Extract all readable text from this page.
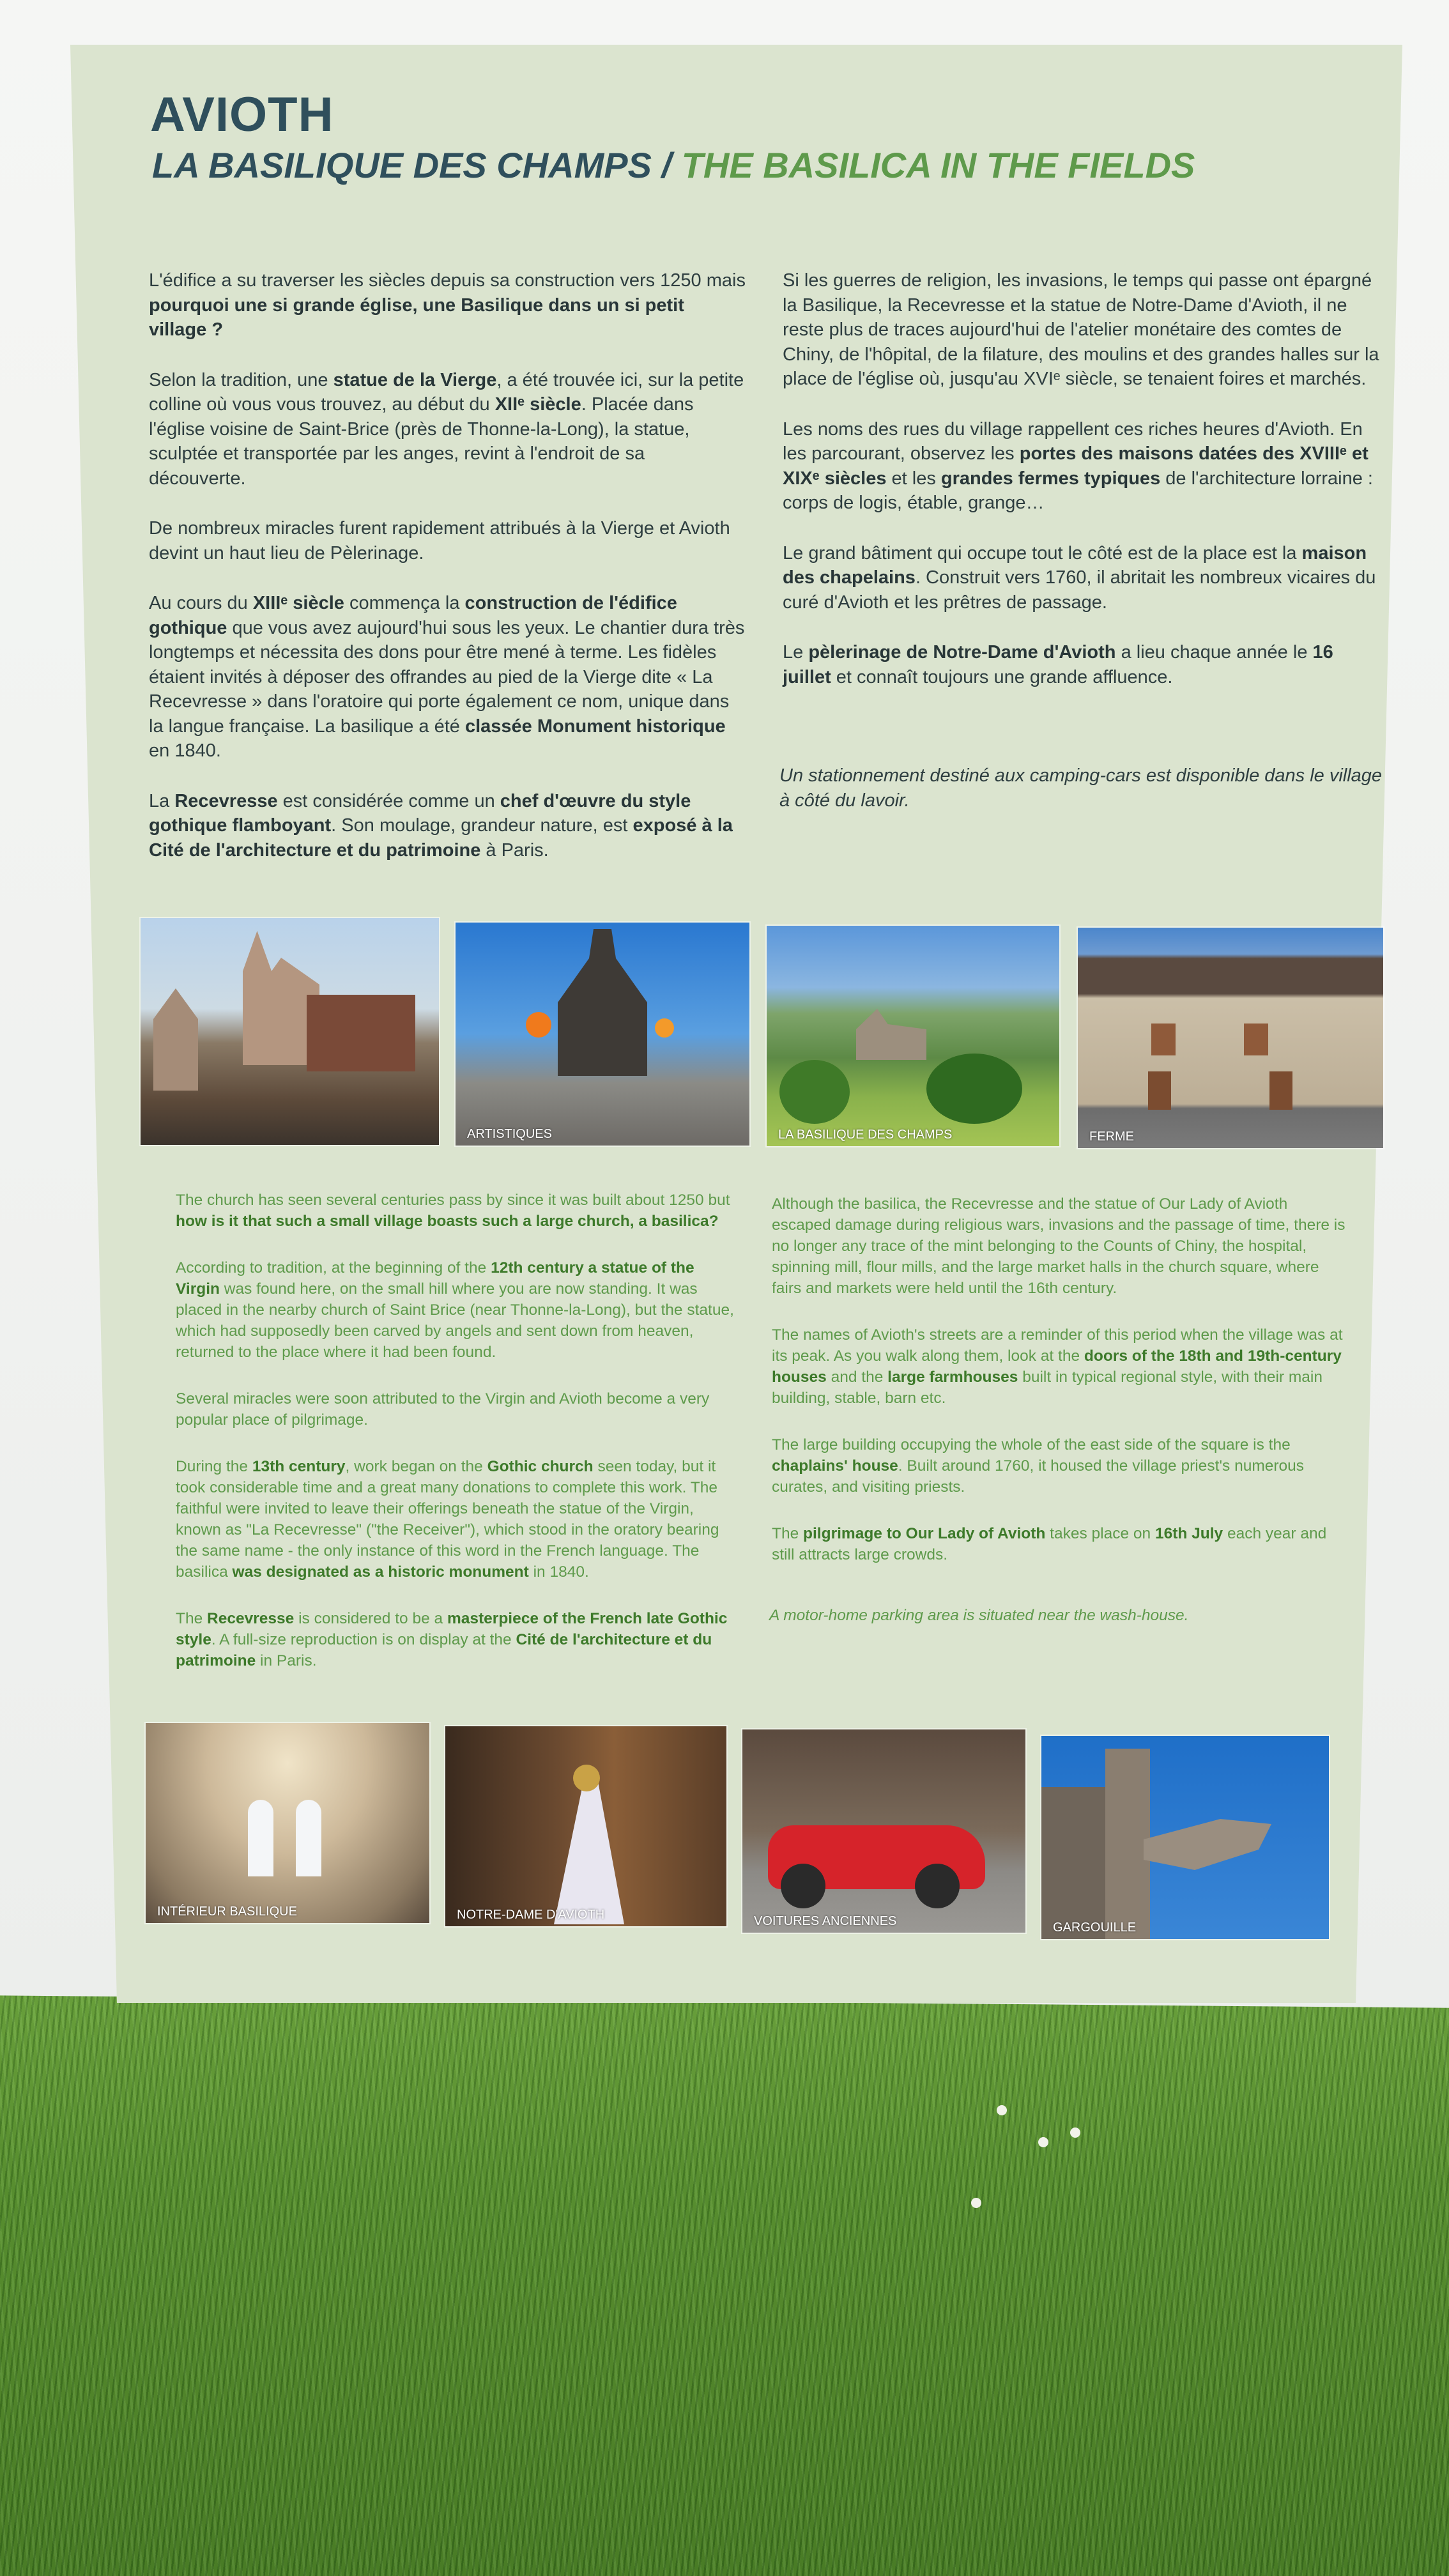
AVIOTH
LA BASILIQUE DES CHAMPS / THE BASILICA IN THE FIELDS

L'édifice a su traverser les siècles depuis sa construction vers 1250 mais pourquoi une si grande église, une Basilique dans un si petit village ?

Selon la tradition, une statue de la Vierge, a été trouvée ici, sur la petite colline où vous vous trouvez, au début du XIIᵉ siècle. Placée dans l'église voisine de Saint-Brice (près de Thonne-la-Long), la statue, sculptée et transportée par les anges, revint à l'endroit de sa découverte.

De nombreux miracles furent rapidement attribués à la Vierge et Avioth devint un haut lieu de Pèlerinage.

Au cours du XIIIᵉ siècle commença la construction de l'édifice gothique que vous avez aujourd'hui sous les yeux. Le chantier dura très longtemps et nécessita des dons pour être mené à terme. Les fidèles étaient invités à déposer des offrandes au pied de la Vierge dite « La Recevresse » dans l'oratoire qui porte également ce nom, unique dans la langue française. La basilique a été classée Monument historique en 1840.

La Recevresse est considérée comme un chef d'œuvre du style gothique flamboyant. Son moulage, grandeur nature, est exposé à la Cité de l'architecture et du patrimoine à Paris.

Si les guerres de religion, les invasions, le temps qui passe ont épargné la Basilique, la Recevresse et la statue de Notre-Dame d'Avioth, il ne reste plus de traces aujourd'hui de l'atelier monétaire des comtes de Chiny, de l'hôpital, de la filature, des moulins et des grandes halles sur la place de l'église où, jusqu'au XVIᵉ siècle, se tenaient foires et marchés.

Les noms des rues du village rappellent ces riches heures d'Avioth. En les parcourant, observez les portes des maisons datées des XVIIIᵉ et XIXᵉ siècles et les grandes fermes typiques de l'architecture lorraine : corps de logis, étable, grange…

Le grand bâtiment qui occupe tout le côté est de la place est la maison des chapelains. Construit vers 1760, il abritait les nombreux vicaires du curé d'Avioth et les prêtres de passage.

Le pèlerinage de Notre-Dame d'Avioth a lieu chaque année le 16 juillet et connaît toujours une grande affluence.

Un stationnement destiné aux camping-cars est disponible dans le village à côté du lavoir.
ARTISTIQUES	LA BASILIQUE DES CHAMPS	FERME

The church has seen several centuries pass by since it was built about 1250 but how is it that such a small village boasts such a large church, a basilica?

According to tradition, at the beginning of the 12th century a statue of the Virgin was found here, on the small hill where you are now standing. It was placed in the nearby church of Saint Brice (near Thonne-la-Long), but the statue, which had supposedly been carved by angels and sent down from heaven, returned to the place where it had been found.

Several miracles were soon attributed to the Virgin and Avioth become a very popular place of pilgrimage.

During the 13th century, work began on the Gothic church seen today, but it took considerable time and a great many donations to complete this work. The faithful were invited to leave their offerings beneath the statue of the Virgin, known as "La Recevresse" ("the Receiver"), which stood in the oratory bearing the same name - the only instance of this word in the French language. The basilica was designated as a historic monument in 1840.

The Recevresse is considered to be a masterpiece of the French late Gothic style. A full-size reproduction is on display at the Cité de l'architecture et du patrimoine in Paris.

Although the basilica, the Recevresse and the statue of Our Lady of Avioth escaped damage during religious wars, invasions and the passage of time, there is no longer any trace of the mint belonging to the Counts of Chiny, the hospital, spinning mill, flour mills, and the large market halls in the church square, where fairs and markets were held until the 16th century.

The names of Avioth's streets are a reminder of this period when the village was at its peak. As you walk along them, look at the doors of the 18th and 19th-century houses and the large farmhouses built in typical regional style, with their main building, stable, barn etc.

The large building occupying the whole of the east side of the square is the chaplains' house. Built around 1760, it housed the village priest's numerous curates, and visiting priests.

The pilgrimage to Our Lady of Avioth takes place on 16th July each year and still attracts large crowds.

A motor-home parking area is situated near the wash-house.
INTÉRIEUR BASILIQUE	NOTRE-DAME D'AVIOTH	VOITURES ANCIENNES	GARGOUILLE
